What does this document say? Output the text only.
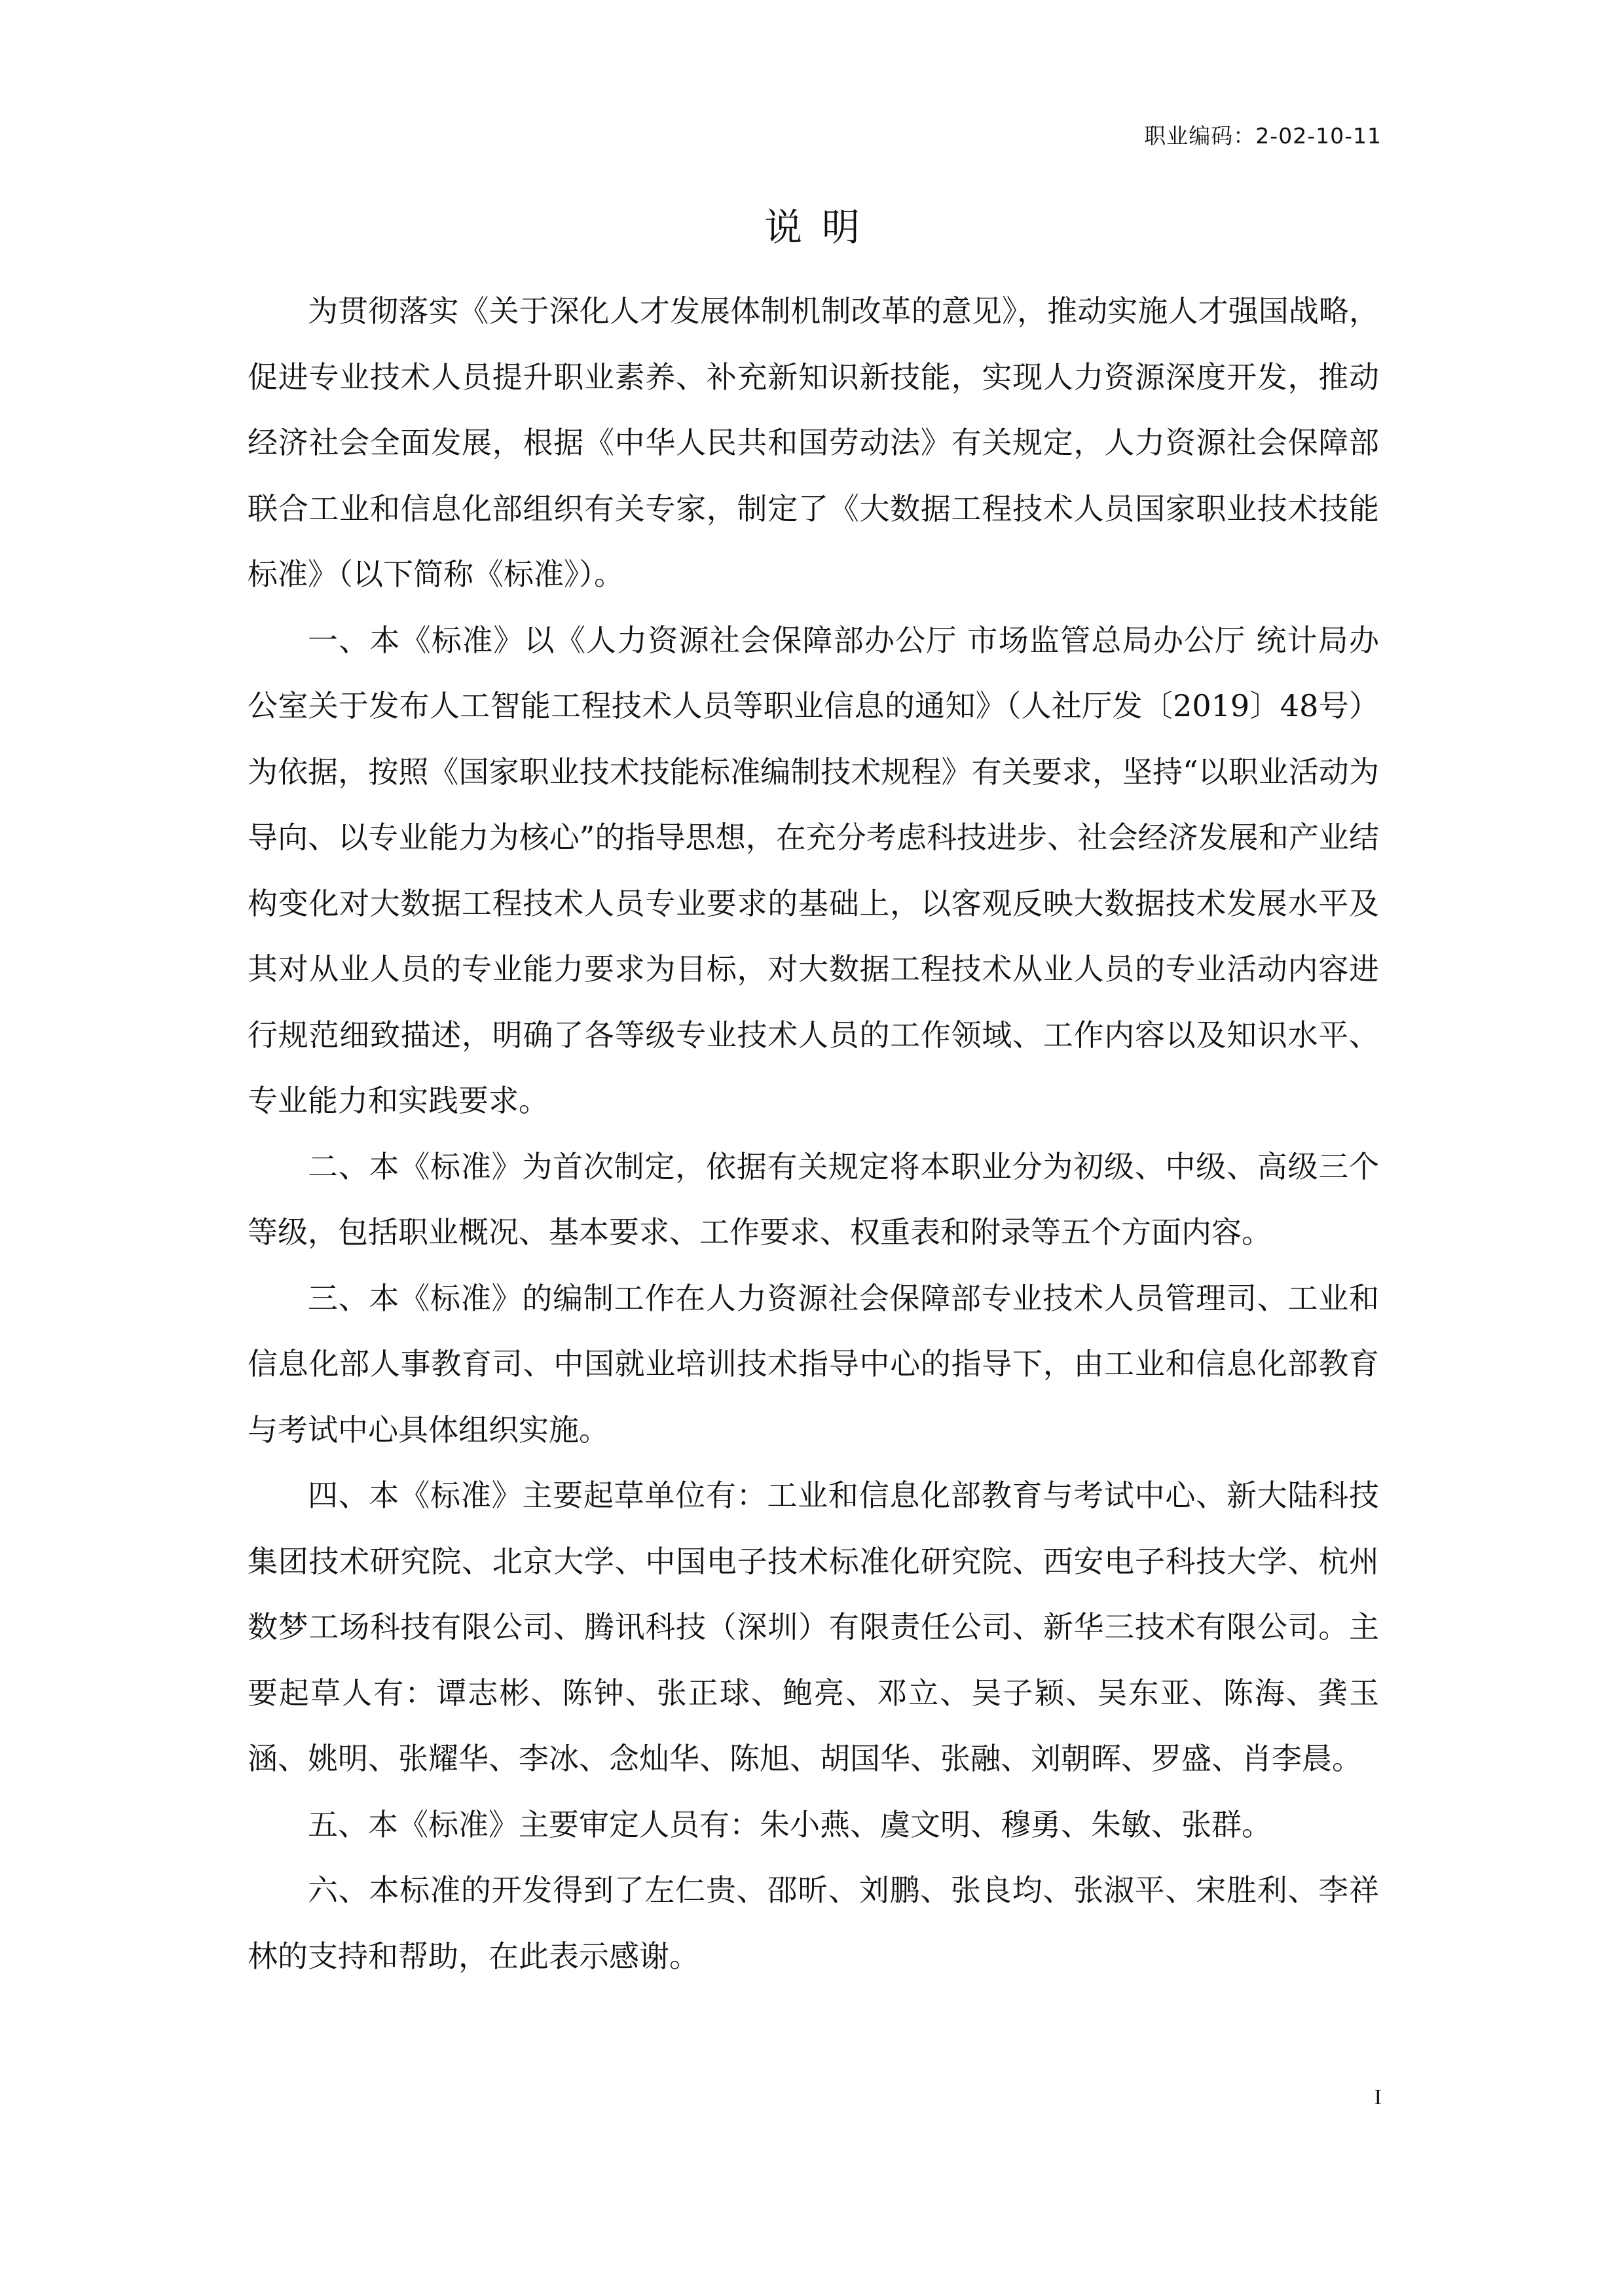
职业编码：2-02-10-11
说明

为贯彻落实《关于深化人才发展体制机制改革的意见》，推动实施人才强国战略，促进专业技术人员提升职业素养、补充新知识新技能，实现人力资源深度开发，推动经济社会全面发展，根据《中华人民共和国劳动法》有关规定，人力资源社会保障部联合工业和信息化部组织有关专家，制定了《大数据工程技术人员国家职业技术技能标准》（以下简称《标准》）。

一、本《标准》以《人力资源社会保障部办公厅 市场监管总局办公厅 统计局办公室关于发布人工智能工程技术人员等职业信息的通知》（人社厅发〔2019〕48号）为依据，按照《国家职业技术技能标准编制技术规程》有关要求，坚持“以职业活动为导向、以专业能力为核心”的指导思想，在充分考虑科技进步、社会经济发展和产业结构变化对大数据工程技术人员专业要求的基础上，以客观反映大数据技术发展水平及其对从业人员的专业能力要求为目标，对大数据工程技术从业人员的专业活动内容进行规范细致描述，明确了各等级专业技术人员的工作领域、工作内容以及知识水平、专业能力和实践要求。

二、本《标准》为首次制定，依据有关规定将本职业分为初级、中级、高级三个等级，包括职业概况、基本要求、工作要求、权重表和附录等五个方面内容。

三、本《标准》的编制工作在人力资源社会保障部专业技术人员管理司、工业和信息化部人事教育司、中国就业培训技术指导中心的指导下，由工业和信息化部教育与考试中心具体组织实施。

四、本《标准》主要起草单位有：工业和信息化部教育与考试中心、新大陆科技集团技术研究院、北京大学、中国电子技术标准化研究院、西安电子科技大学、杭州数梦工场科技有限公司、腾讯科技（深圳）有限责任公司、新华三技术有限公司。主要起草人有：谭志彬、陈钟、张正球、鲍亮、邓立、吴子颖、吴东亚、陈海、龚玉涵、姚明、张耀华、李冰、念灿华、陈旭、胡国华、张融、刘朝晖、罗盛、肖李晨。

五、本《标准》主要审定人员有：朱小燕、虞文明、穆勇、朱敏、张群。

六、本标准的开发得到了左仁贵、邵昕、刘鹏、张良均、张淑平、宋胜利、李祥林的支持和帮助，在此表示感谢。

I
